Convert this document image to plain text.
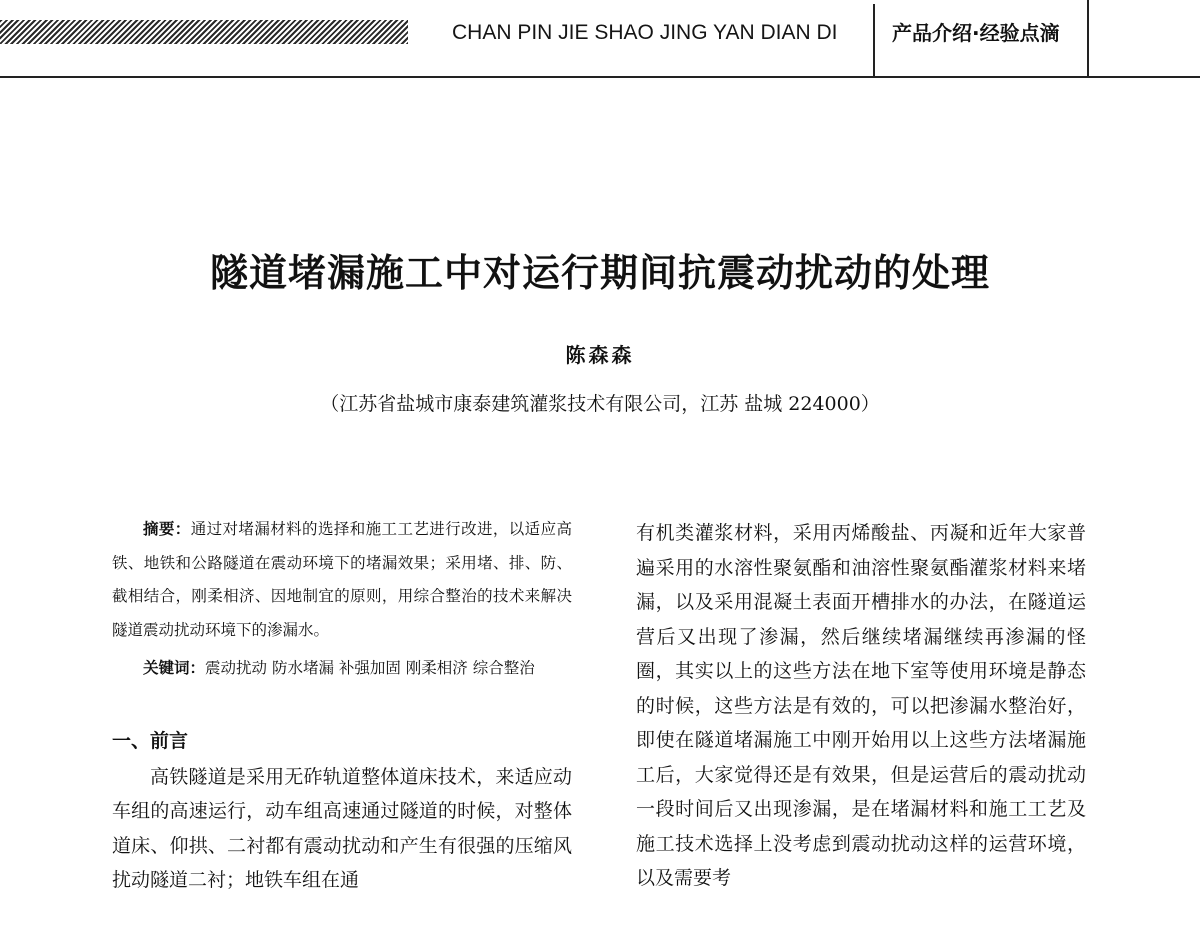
CHAN PIN JIE SHAO JING YAN DIAN DI	产品介绍·经验点滴
隧道堵漏施工中对运行期间抗震动扰动的处理
陈森森
（江苏省盐城市康泰建筑灌浆技术有限公司，江苏 盐城 224000）

摘要：通过对堵漏材料的选择和施工工艺进行改进，以适应高铁、地铁和公路隧道在震动环境下的堵漏效果；采用堵、排、防、截相结合，刚柔相济、因地制宜的原则，用综合整治的技术来解决隧道震动扰动环境下的渗漏水。

关键词：震动扰动 防水堵漏 补强加固 刚柔相济 综合整治

一、前言

高铁隧道是采用无砟轨道整体道床技术，来适应动车组的高速运行，动车组高速通过隧道的时候，对整体道床、仰拱、二衬都有震动扰动和产生有很强的压缩风扰动隧道二衬；地铁车组在通

有机类灌浆材料，采用丙烯酸盐、丙凝和近年大家普遍采用的水溶性聚氨酯和油溶性聚氨酯灌浆材料来堵漏，以及采用混凝土表面开槽排水的办法，在隧道运营后又出现了渗漏，然后继续堵漏继续再渗漏的怪圈，其实以上的这些方法在地下室等使用环境是静态的时候，这些方法是有效的，可以把渗漏水整治好，即使在隧道堵漏施工中刚开始用以上这些方法堵漏施工后，大家觉得还是有效果，但是运营后的震动扰动一段时间后又出现渗漏，是在堵漏材料和施工工艺及施工技术选择上没考虑到震动扰动这样的运营环境，以及需要考
